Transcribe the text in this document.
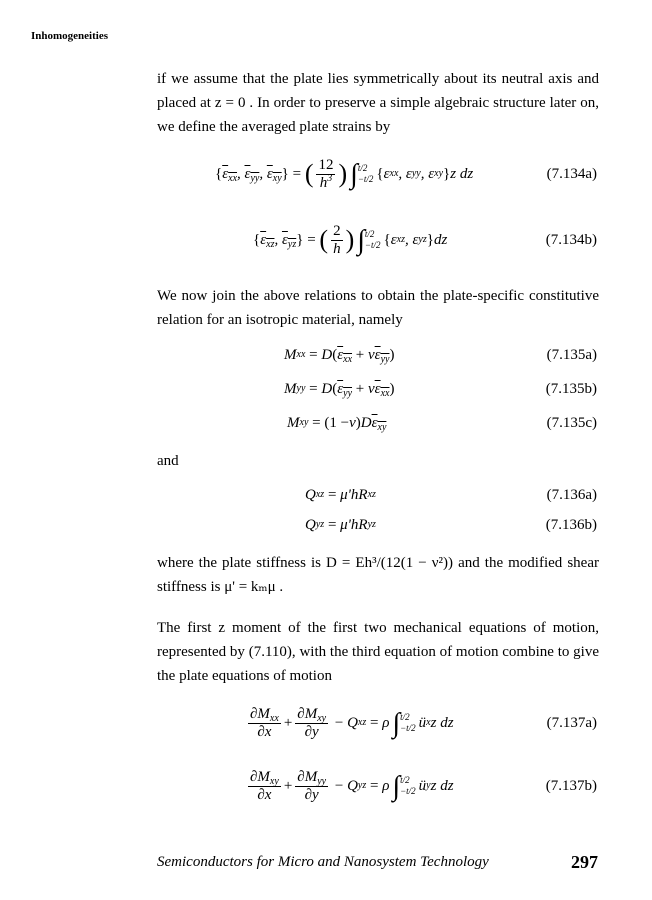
Inhomogeneities

if we assume that the plate lies symmetrically about its neutral axis and placed at z = 0 . In order to preserve a simple algebraic structure later on, we define the averaged plate strains by

{ $\varepsilon_{xx}$ , $\varepsilon_{yy}$ , $\varepsilon_{xy}$ } = ( $\frac{12}{h^3}$ ) ∫ t/2
−t/2 { ε xx , ε yy , ε xy } z dz	(7.134a)
{ $\varepsilon_{xz}$ , $\varepsilon_{yz}$ } = ( $\frac{2}{h}$ ) ∫ t/2
−t/2 { ε xz , ε yz } dz	(7.134b)

We now join the above relations to obtain the plate-specific constitutive relation for an isotropic material, namely

M xx = D ( $\varepsilon_{xx} + \nu$ $\varepsilon_{yy}$ )	(7.135a)
M yy = D ( $\varepsilon_{yy} + \nu$ $\varepsilon_{xx}$ )	(7.135b)
M xy = (1 − ν ) D $\varepsilon_{xy}$	(7.135c)

and

Q xz = μ'hR xz	(7.136a)
Q yz = μ'hR yz	(7.136b)

where the plate stiffness is D = Eh³/(12(1 − ν²)) and the modified shear stiffness is μ' = kₘμ .

The first z moment of the first two mechanical equations of motion, represented by (7.110), with the third equation of motion combine to give the plate equations of motion

$\frac{\partial M_{xx}}{\partial x} + \frac{\partial M_{xy}}{\partial y} - Q$ xz = ρ ∫ t/2
−t/2 ü x z dz	(7.137a)
$\frac{\partial M_{xy}}{\partial x} + \frac{\partial M_{yy}}{\partial y} - Q$ yz = ρ ∫ t/2
−t/2 ü y z dz	(7.137b)
Semiconductors for Micro and Nanosystem Technology	297
